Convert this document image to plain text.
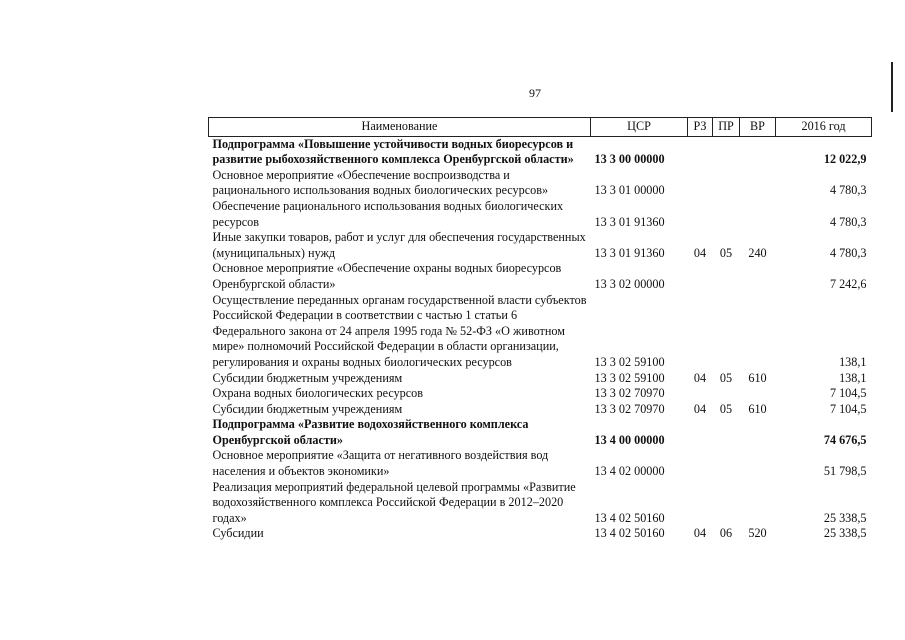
97
Наименование	ЦСР	РЗ	ПР	ВР	2016 год
Подпрограмма «Повышение устойчивости водных биоресурсов и развитие рыбохозяйственного комплекса Оренбургской области»	13 3 00 00000				12 022,9
Основное мероприятие «Обеспечение воспроизводства и рационального использования водных биологических ресурсов»	13 3 01 00000				4 780,3
Обеспечение рационального использования водных биологических ресурсов	13 3 01 91360				4 780,3
Иные закупки товаров, работ и услуг для обеспечения государственных (муниципальных) нужд	13 3 01 91360	04	05	240	4 780,3
Основное мероприятие «Обеспечение охраны водных биоресурсов Оренбургской области»	13 3 02 00000				7 242,6
Осуществление переданных органам государственной власти субъектов Российской Федерации в соответствии с частью 1 статьи 6 Федерального закона от 24 апреля 1995 года № 52-ФЗ «О животном мире» полномочий Российской Федерации в области организации, регулирования и охраны водных биологических ресурсов	13 3 02 59100				138,1
Субсидии бюджетным учреждениям	13 3 02 59100	04	05	610	138,1
Охрана водных биологических ресурсов	13 3 02 70970				7 104,5
Субсидии бюджетным учреждениям	13 3 02 70970	04	05	610	7 104,5
Подпрограмма «Развитие водохозяйственного комплекса Оренбургской области»	13 4 00 00000				74 676,5
Основное мероприятие «Защита от негативного воздействия вод населения и объектов экономики»	13 4 02 00000				51 798,5
Реализация мероприятий федеральной целевой программы «Развитие водохозяйственного комплекса Российской Федерации в 2012–2020 годах»	13 4 02 50160				25 338,5
Субсидии	13 4 02 50160	04	06	520	25 338,5
